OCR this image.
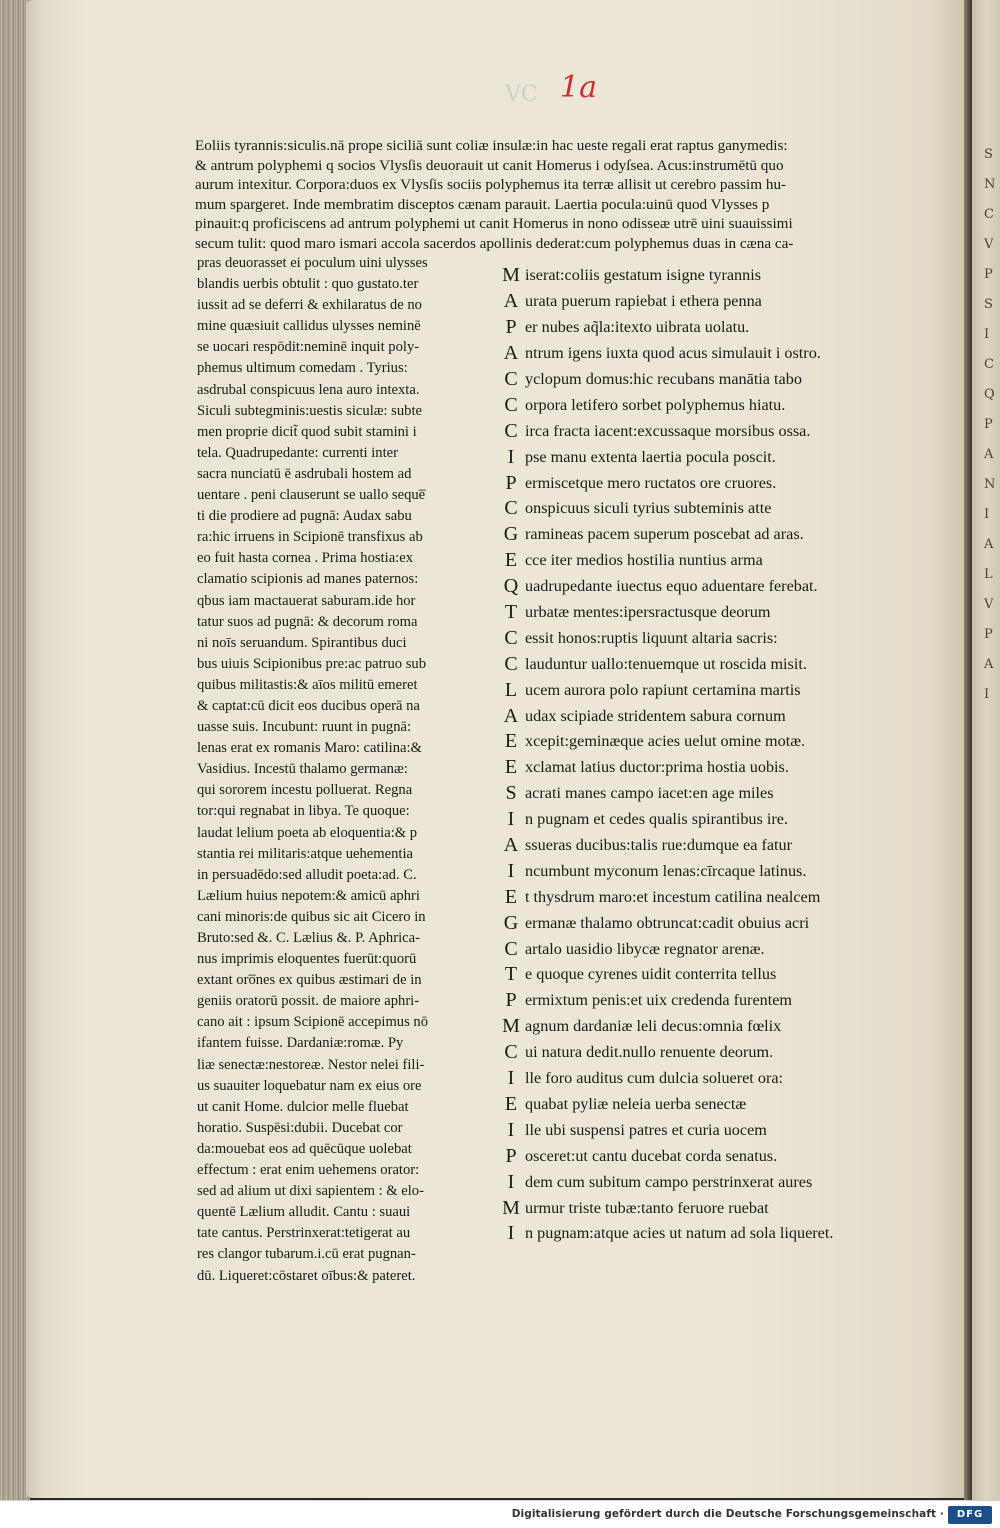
VC 1a
Eoliis tyrannis:siculis.nā prope siciliā sunt coliæ insulæ:in hac ueste regali erat raptus ganymedis:
& antrum polyphemi q socios Vlysſis deuorauit ut canit Homerus i odyſsea. Acus:instrumētū quo
aurum intexitur. Corpora:duos ex Vlysſis sociis polyphemus ita terræ allisit ut cerebro passim hu-
mum spargeret. Inde membratim disceptos cænam parauit. Laertia pocula:uinū quod Vlysses p
pinauit:q proficiscens ad antrum polyphemi ut canit Homerus in nono odisseæ utrē uini suauissimi
secum tulit: quod maro ismari accola sacerdos apollinis dederat:cum polyphemus duas in cæna ca-
pras deuorasset ei poculum uini ulysses
blandis uerbis obtulit : quo gustato.ter
iussit ad se deferri & exhilaratus de no
mine quæsiuit callidus ulysses neminē
se uocari respōdit:neminē inquit poly-
phemus ultimum comedam . Tyrius:
asdrubal conspicuus lena auro intexta.
Siculi subtegminis:uestis siculæ: subte
men proprie dicit̃ quod subit stamini i
tela. Quadrupedante: currenti inter
sacra nunciatū ē asdrubali hostem ad
uentare . peni clauserunt se uallo seque̅
ti die prodiere ad pugnā: Audax sabu
ra:hic irruens in Scipionē transfixus ab
eo fuit hasta cornea . Prima hostia:ex
clamatio scipionis ad manes paternos:
qbus iam mactauerat saburam.ide hor
tatur suos ad pugnā: & decorum roma
ni noīs seruandum. Spirantibus duci
bus uiuis Scipionibus pre:ac patruo sub
quibus militastis:& aīos militū emeret
& captat:cū dicit eos ducibus operā na
uasse suis. Incubunt: ruunt in pugnā:
lenas erat ex romanis Maro: catilina:&
Vasidius. Incestū thalamo germanæ:
qui sororem incestu polluerat. Regna
tor:qui regnabat in libya. Te quoque:
laudat lelium poeta ab eloquentia:& p
stantia rei militaris:atque uehementia
in persuadēdo:sed alludit poeta:ad. C.
Lælium huius nepotem:& amicū aphri
cani minoris:de quibus sic ait Cicero in
Bruto:sed &. C. Lælius &. P. Aphrica-
nus imprimis eloquentes fuerūt:quorū
extant oro̅nes ex quibus æstimari de in
geniis oratorū possit. de maiore aphri-
cano ait : ipsum Scipionē accepimus nō
ifantem fuisse. Dardaniæ:romæ. Py
liæ senectæ:nestoreæ. Nestor nelei fili-
us suauiter loquebatur nam ex eius ore
ut canit Home. dulcior melle fluebat
horatio. Suspēsi:dubii. Ducebat cor
da:mouebat eos ad quēcūque uolebat
effectum : erat enim uehemens orator:
sed ad alium ut dixi sapientem : & elo-
quentē Lælium alludit. Cantu : suaui
tate cantus. Perstrinxerat:tetigerat au
res clangor tubarum.i.cū erat pugnan-
dū. Liqueret:cōstaret oībus:& pateret.
M iserat:coliis gestatum isigne tyrannis
A urata puerum rapiebat i ethera penna
P er nubes aq̃la:itexto uibrata uolatu.
A ntrum igens iuxta quod acus simulauit i ostro.
C yclopum domus:hic recubans manātia tabo
C orpora letifero sorbet polyphemus hiatu.
C irca fracta iacent:excussaque morsibus ossa.
I pse manu extenta laertia pocula poscit.
P ermiscetque mero ructatos ore cruores.
C onspicuus siculi tyrius subteminis atte
G ramineas pacem superum poscebat ad aras.
E cce iter medios hostilia nuntius arma
Q uadrupedante iuectus equo aduentare ferebat.
T urbatæ mentes:ipersractusque deorum
C essit honos:ruptis liquunt altaria sacris:
C lauduntur uallo:tenuemque ut roscida misit.
L ucem aurora polo rapiunt certamina martis
A udax scipiade stridentem sabura cornum
E xcepit:geminæque acies uelut omine motæ.
E xclamat latius ductor:prima hostia uobis.
S acrati manes campo iacet:en age miles
I n pugnam et cedes qualis spirantibus ire.
A ssueras ducibus:talis rue:dumque ea fatur
I ncumbunt myconum lenas:cīrcaque latinus.
E t thysdrum maro:et incestum catilina nealcem
G ermanæ thalamo obtruncat:cadit obuius acri
C artalo uasidio libycæ regnator arenæ.
T e quoque cyrenes uidit conterrita tellus
P ermixtum penis:et uix credenda furentem
M agnum dardaniæ leli decus:omnia fœlix
C ui natura dedit.nullo renuente deorum.
I lle foro auditus cum dulcia solueret ora:
E quabat pyliæ neleia uerba senectæ
I lle ubi suspensi patres et curia uocem
P osceret:ut cantu ducebat corda senatus.
I dem cum subitum campo perstrinxerat aures
M urmur triste tubæ:tanto feruore ruebat
I n pugnam:atque acies ut natum ad sola liqueret.
S
N
C
V
P
S
I
C
Q
P
A
N
I
A
L
V
P
A
I
Digitalisierung gefördert durch die Deutsche Forschungsgemeinschaft ·	DFG
